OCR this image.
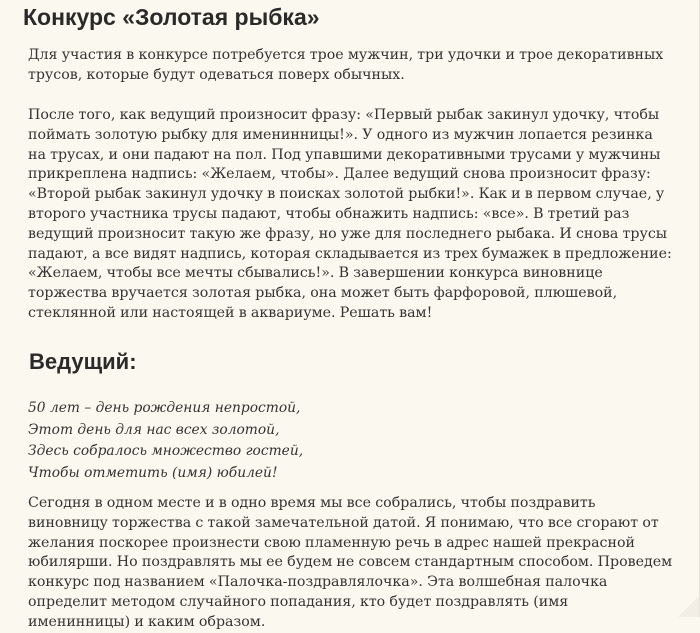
Конкурс «Золотая рыбка»

Для участия в конкурсе потребуется трое мужчин, три удочки и трое декоративных трусов, которые будут одеваться поверх обычных.

После того, как ведущий произносит фразу: «Первый рыбак закинул удочку, чтобы поймать золотую рыбку для именинницы!». У одного из мужчин лопается резинка на трусах, и они падают на пол. Под упавшими декоративными трусами у мужчины прикреплена надпись: «Желаем, чтобы». Далее ведущий снова произносит фразу: «Второй рыбак закинул удочку в поисках золотой рыбки!». Как и в первом случае, у второго участника трусы падают, чтобы обнажить надпись: «все». В третий раз ведущий произносит такую же фразу, но уже для последнего рыбака. И снова трусы падают, а все видят надпись, которая складывается из трех бумажек в предложение: «Желаем, чтобы все мечты сбывались!». В завершении конкурса виновнице торжества вручается золотая рыбка, она может быть фарфоровой, плюшевой, стеклянной или настоящей в аквариуме. Решать вам!

Ведущий:
50 лет – день рождения непростой,
Этот день для нас всех золотой,
Здесь собралось множество гостей,
Чтобы отметить (имя) юбилей!

Сегодня в одном месте и в одно время мы все собрались, чтобы поздравить виновницу торжества с такой замечательной датой. Я понимаю, что все сгорают от желания поскорее произнести свою пламенную речь в адрес нашей прекрасной юбилярши. Но поздравлять мы ее будем не совсем стандартным способом. Проведем конкурс под названием «Палочка-поздравлялочка». Эта волшебная палочка определит методом случайного попадания, кто будет поздравлять (имя именинницы) и каким образом.
